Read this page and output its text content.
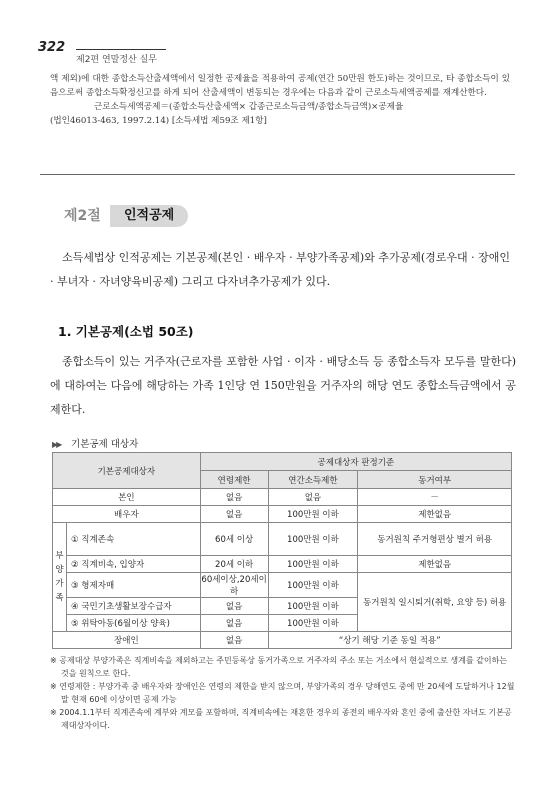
322
제2편 연말정산 실무

액 제외)에 대한 종합소득산출세액에서 일정한 공제율을 적용하여 공제(연간 50만원 한도)하는 것이므로, 타 종합소득이 있음으로써 종합소득확정신고를 하게 되어 산출세액이 변동되는 경우에는 다음과 같이 근로소득세액공제를 재계산한다.

근로소득세액공제＝(종합소득산출세액× 갑종근로소득금액/종합소득금액)×공제율

(법인46013-463, 1997.2.14) [소득세법 제59조 제1항]

제2절	인적공제

소득세법상 인적공제는 기본공제(본인 · 배우자 · 부양가족공제)와 추가공제(경로우대 · 장애인 · 부녀자 · 자녀양육비공제) 그리고 다자녀추가공제가 있다.

1. 기본공제(소법 50조)

종합소득이 있는 거주자(근로자를 포함한 사업 · 이자 · 배당소득 등 종합소득자 모두를 말한다)에 대하여는 다음에 해당하는 가족 1인당 연 150만원을 거주자의 해당 연도 종합소득금액에서 공제한다.

▶▶ 기본공제 대상자
기본공제대상자		공제대상자 판정기준		
		연령제한	연간소득제한	동거여부
본인		없음	없음	－
배우자		없음	100만원 이하	제한없음

부
양
가
족	① 직계존속	60세 이상	100만원 이하	동거원칙 주거형편상 별거 허용
	② 직계비속, 입양자	20세 이하	100만원 이하	제한없음
	③ 형제자매	60세이상,20세이하	100만원 이하	동거원칙 일시퇴거(취학, 요양 등) 허용
	④ 국민기초생활보장수급자	없음	100만원 이하	
	⑤ 위탁아동(6월이상 양육)	없음	100만원 이하	
장애인		없음	“상기 해당 기준 동일 적용”	

※ 공제대상 부양가족은 직계비속을 제외하고는 주민등록상 동거가족으로 거주자의 주소 또는 거소에서 현실적으로 생계를 같이하는 것을 원칙으로 한다.

※ 연령제한 : 부양가족 중 배우자와 장애인은 연령의 제한을 받지 않으며, 부양가족의 경우 당해연도 중에 만 20세에 도달하거나 12월말 현재 60에 이상이면 공제 가능

※ 2004.1.1부터 직계존속에 계부와 계모를 포함하며, 직계비속에는 재혼한 경우의 종전의 배우자와 혼인 중에 출산한 자녀도 기본공제대상자이다.
